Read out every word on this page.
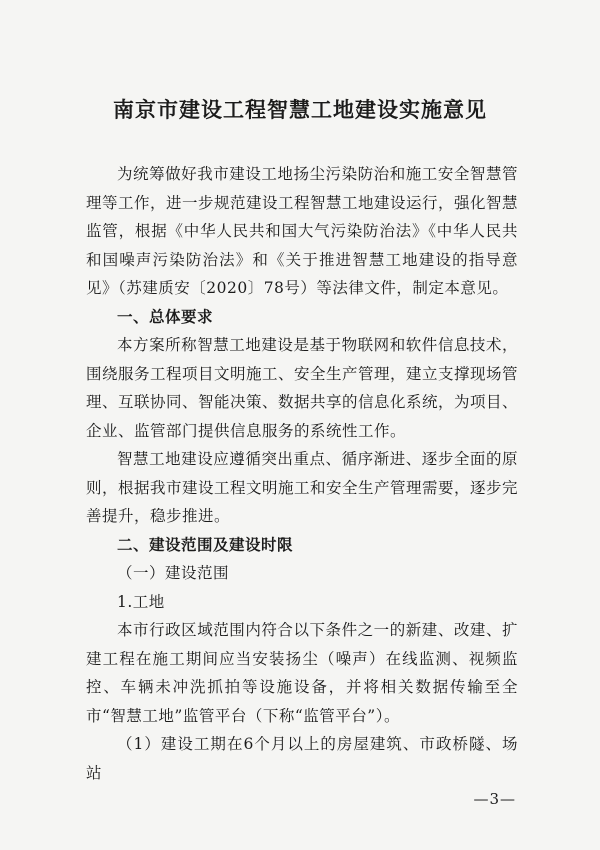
南京市建设工程智慧工地建设实施意见

为统筹做好我市建设工地扬尘污染防治和施工安全智慧管理等工作，进一步规范建设工程智慧工地建设运行，强化智慧监管，根据《中华人民共和国大气污染防治法》《中华人民共和国噪声污染防治法》和《关于推进智慧工地建设的指导意见》（苏建质安〔2020〕78号）等法律文件，制定本意见。

一、总体要求

本方案所称智慧工地建设是基于物联网和软件信息技术，围绕服务工程项目文明施工、安全生产管理，建立支撑现场管理、互联协同、智能决策、数据共享的信息化系统，为项目、企业、监管部门提供信息服务的系统性工作。

智慧工地建设应遵循突出重点、循序渐进、逐步全面的原则，根据我市建设工程文明施工和安全生产管理需要，逐步完善提升，稳步推进。

二、建设范围及建设时限

（一）建设范围

1.工地

本市行政区域范围内符合以下条件之一的新建、改建、扩建工程在施工期间应当安装扬尘（噪声）在线监测、视频监控、车辆未冲洗抓拍等设施设备，并将相关数据传输至全市“智慧工地”监管平台（下称“监管平台”）。

（1）建设工期在6个月以上的房屋建筑、市政桥隧、场站

—3—
